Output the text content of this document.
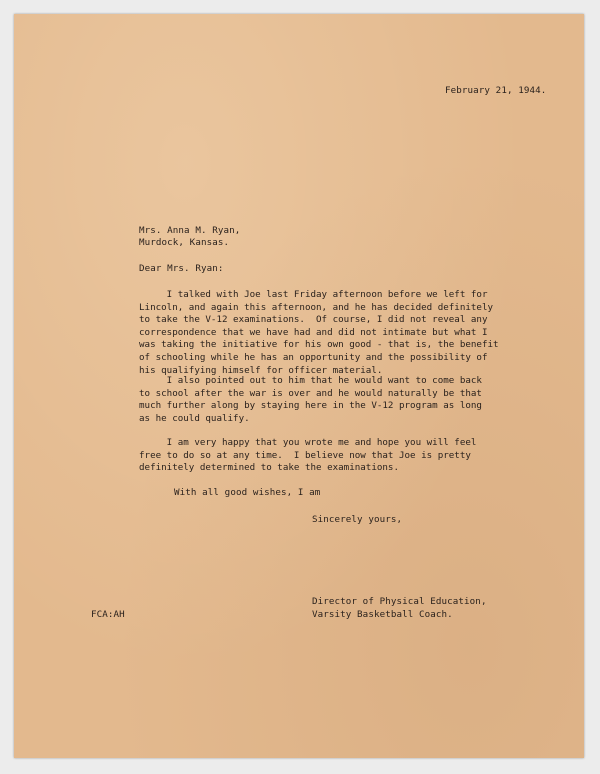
February 21, 1944.
Mrs. Anna M. Ryan,
Murdock, Kansas.
Dear Mrs. Ryan:
I talked with Joe last Friday afternoon before we left for
Lincoln, and again this afternoon, and he has decided definitely
to take the V-12 examinations.  Of course, I did not reveal any
correspondence that we have had and did not intimate but what I
was taking the initiative for his own good - that is, the benefit
of schooling while he has an opportunity and the possibility of
his qualifying himself for officer material.
I also pointed out to him that he would want to come back
to school after the war is over and he would naturally be that
much further along by staying here in the V-12 program as long
as he could qualify.
I am very happy that you wrote me and hope you will feel
free to do so at any time.  I believe now that Joe is pretty
definitely determined to take the examinations.
With all good wishes, I am
Sincerely yours,
Director of Physical Education,
Varsity Basketball Coach.
FCA:AH
